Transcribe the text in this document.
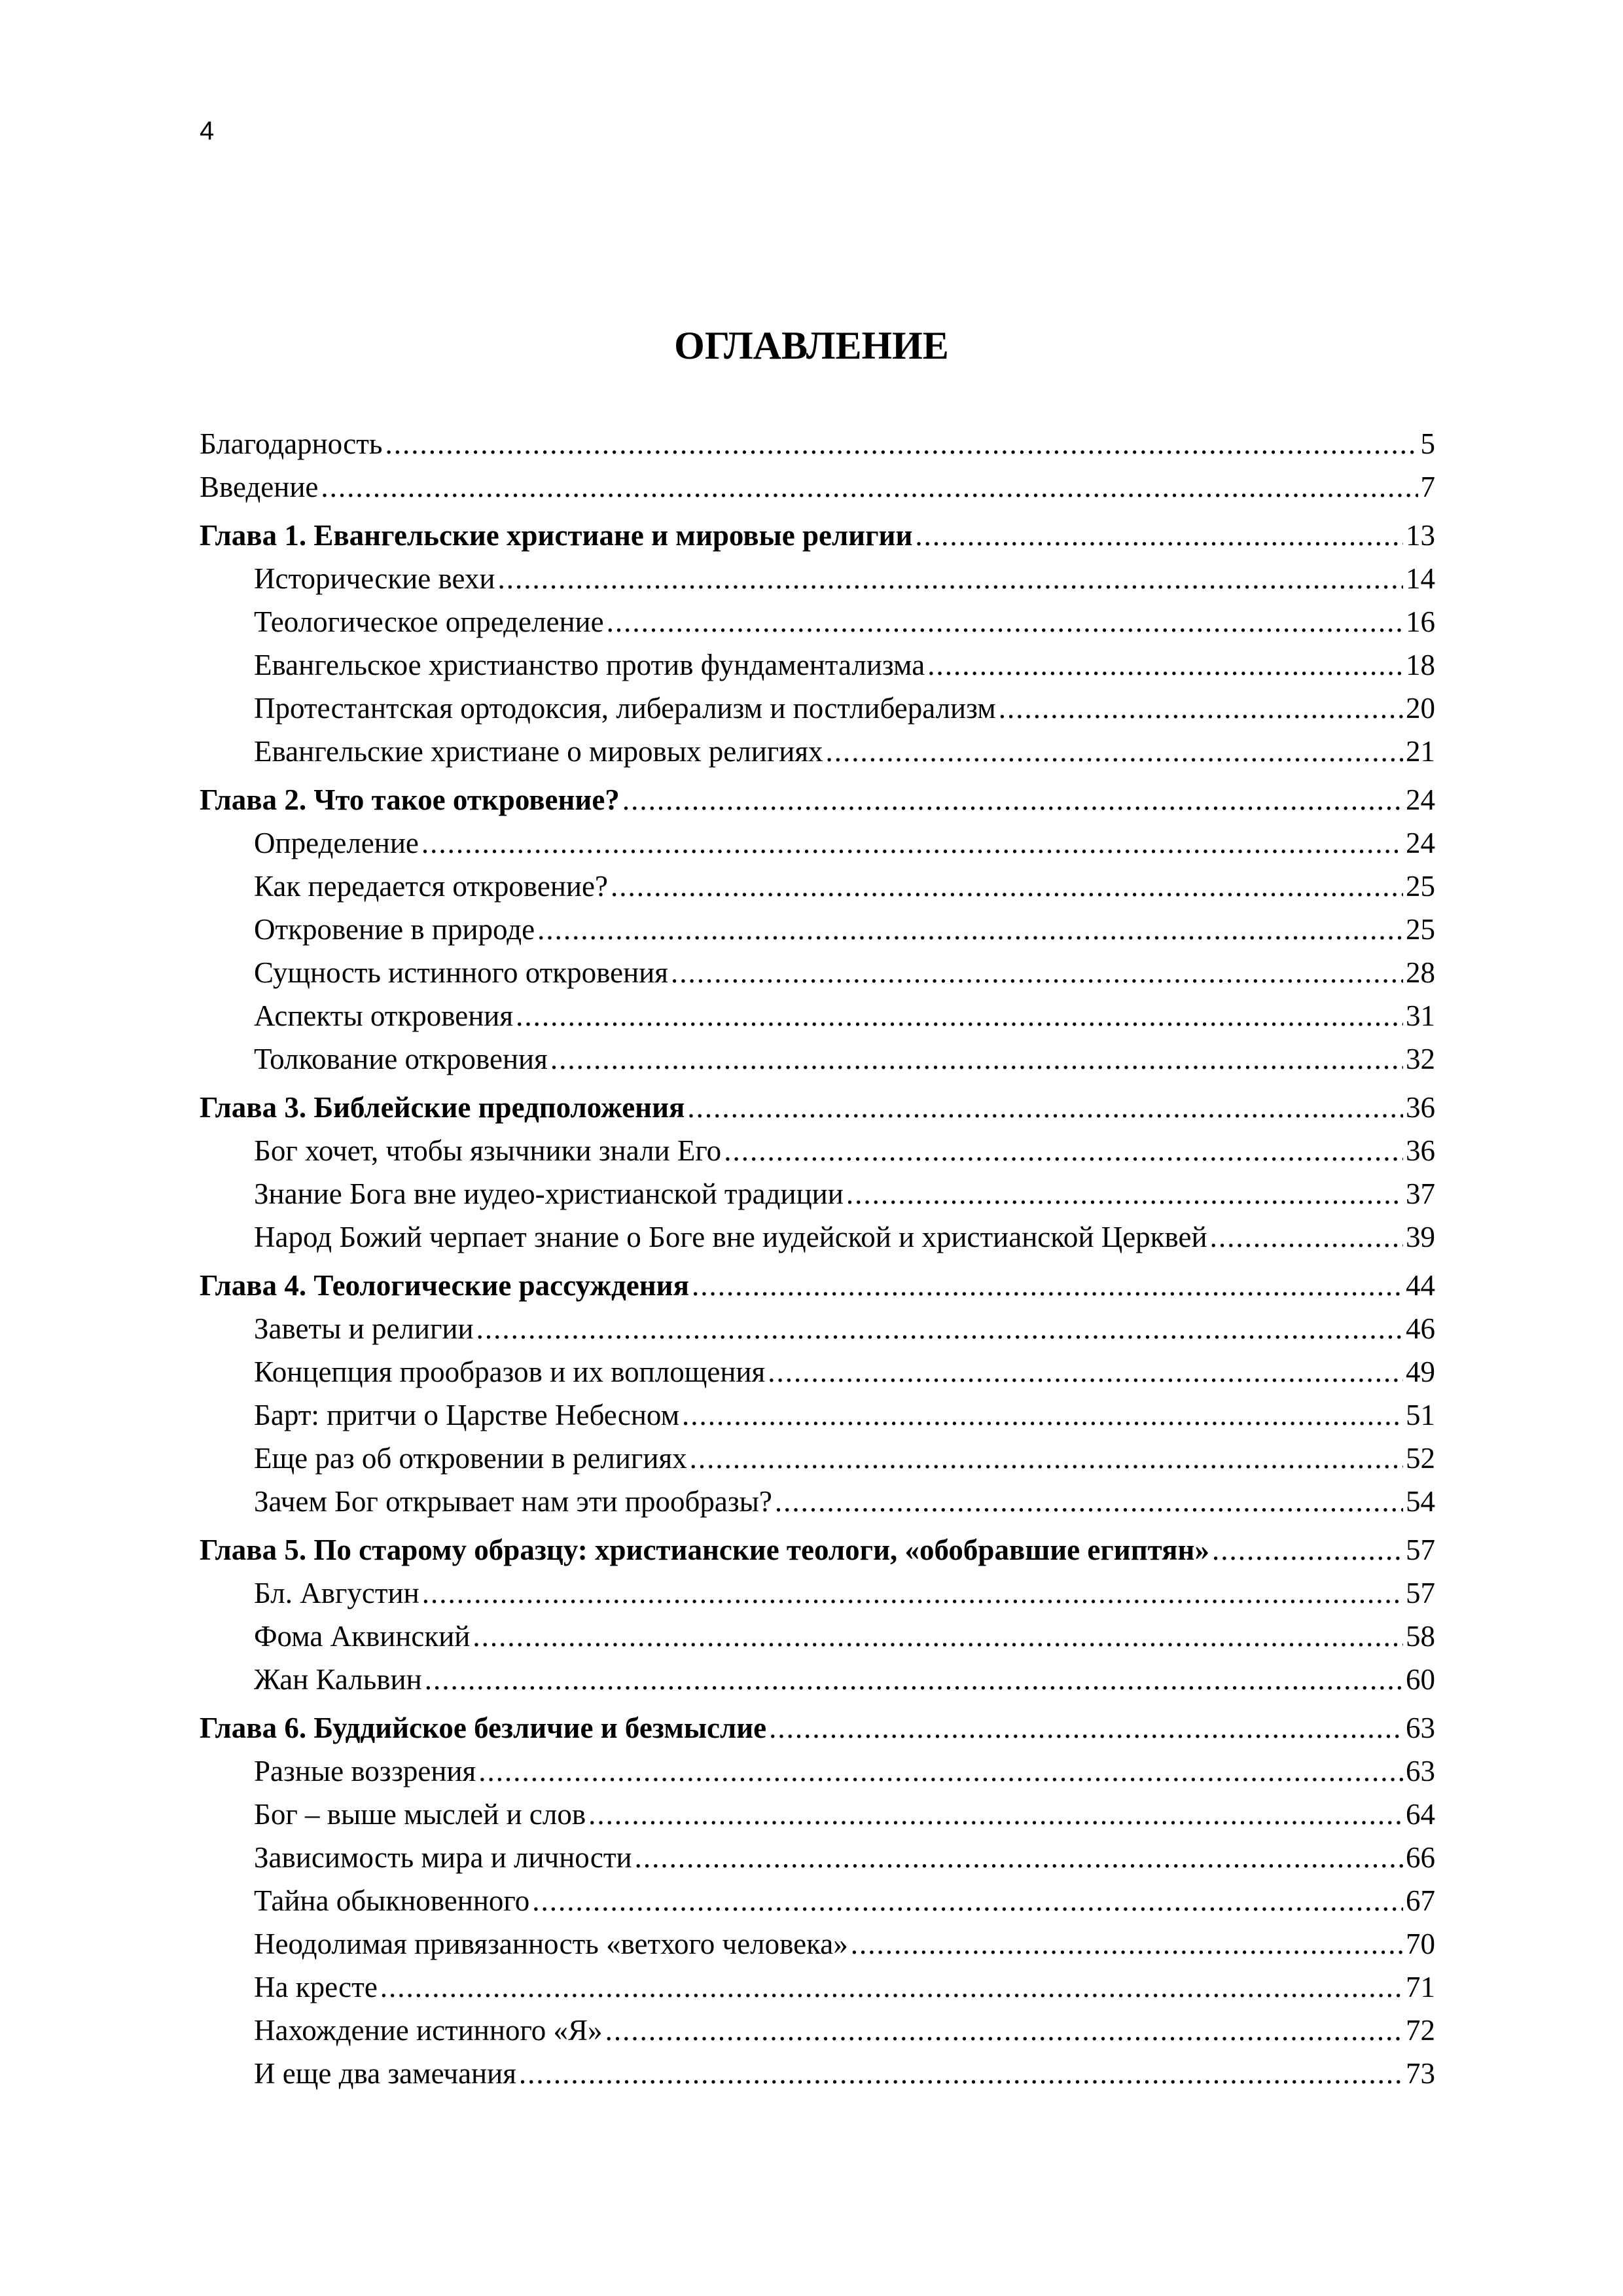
4
ОГЛАВЛЕНИЕ
Благодарность .....	5
Введение .....	7
Глава 1. Евангельские христиане и мировые религии .....	13
Исторические вехи .....	14
Теологическое определение .....	16
Евангельское христианство против фундаментализма .....	18
Протестантская ортодоксия, либерализм и постлиберализм .....	20
Евангельские христиане о мировых религиях .....	21
Глава 2. Что такое откровение? .....	24
Определение .....	24
Как передается откровение? .....	25
Откровение в природе .....	25
Сущность истинного откровения .....	28
Аспекты откровения .....	31
Толкование откровения .....	32
Глава 3. Библейские предположения .....	36
Бог хочет, чтобы язычники знали Его .....	36
Знание Бога вне иудео-христианской традиции .....	37
Народ Божий черпает знание о Боге вне иудейской и христианской Церквей .....	39
Глава 4. Теологические рассуждения .....	44
Заветы и религии .....	46
Концепция прообразов и их воплощения .....	49
Барт: притчи о Царстве Небесном .....	51
Еще раз об откровении в религиях .....	52
Зачем Бог открывает нам эти прообразы? .....	54
Глава 5. По старому образцу: христианские теологи, «обобравшие египтян» .....	57
Бл. Августин .....	57
Фома Аквинский .....	58
Жан Кальвин .....	60
Глава 6. Буддийское безличие и безмыслие .....	63
Разные воззрения .....	63
Бог – выше мыслей и слов .....	64
Зависимость мира и личности .....	66
Тайна обыкновенного .....	67
Неодолимая привязанность «ветхого человека» .....	70
На кресте .....	71
Нахождение истинного «Я» .....	72
И еще два замечания .....	73
